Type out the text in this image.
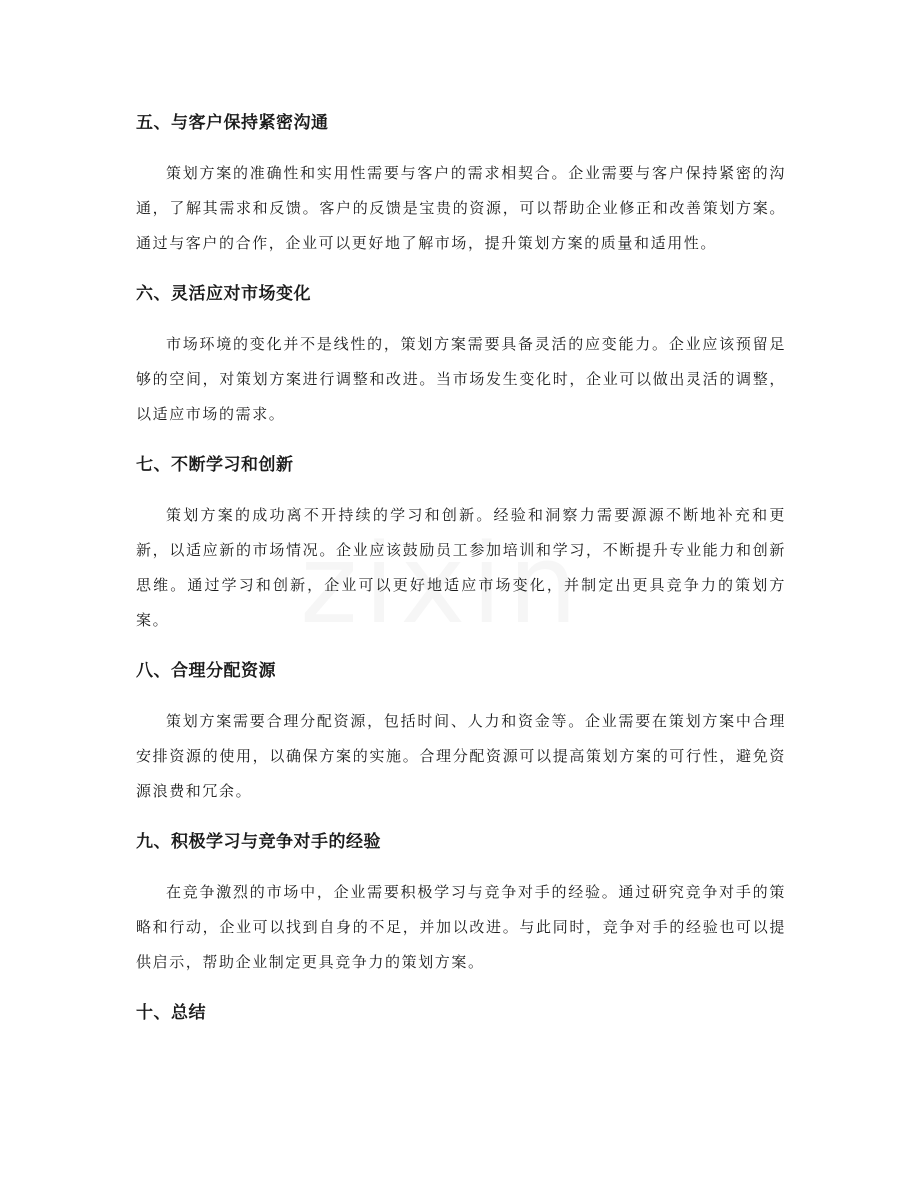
五、与客户保持紧密沟通

策划方案的准确性和实用性需要与客户的需求相契合。企业需要与客户保持紧密的沟通，了解其需求和反馈。客户的反馈是宝贵的资源，可以帮助企业修正和改善策划方案。通过与客户的合作，企业可以更好地了解市场，提升策划方案的质量和适用性。

六、灵活应对市场变化

市场环境的变化并不是线性的，策划方案需要具备灵活的应变能力。企业应该预留足够的空间，对策划方案进行调整和改进。当市场发生变化时，企业可以做出灵活的调整，以适应市场的需求。

七、不断学习和创新

策划方案的成功离不开持续的学习和创新。经验和洞察力需要源源不断地补充和更新，以适应新的市场情况。企业应该鼓励员工参加培训和学习，不断提升专业能力和创新思维。通过学习和创新，企业可以更好地适应市场变化，并制定出更具竞争力的策划方案。

八、合理分配资源

策划方案需要合理分配资源，包括时间、人力和资金等。企业需要在策划方案中合理安排资源的使用，以确保方案的实施。合理分配资源可以提高策划方案的可行性，避免资源浪费和冗余。

九、积极学习与竞争对手的经验

在竞争激烈的市场中，企业需要积极学习与竞争对手的经验。通过研究竞争对手的策略和行动，企业可以找到自身的不足，并加以改进。与此同时，竞争对手的经验也可以提供启示，帮助企业制定更具竞争力的策划方案。

十、总结
